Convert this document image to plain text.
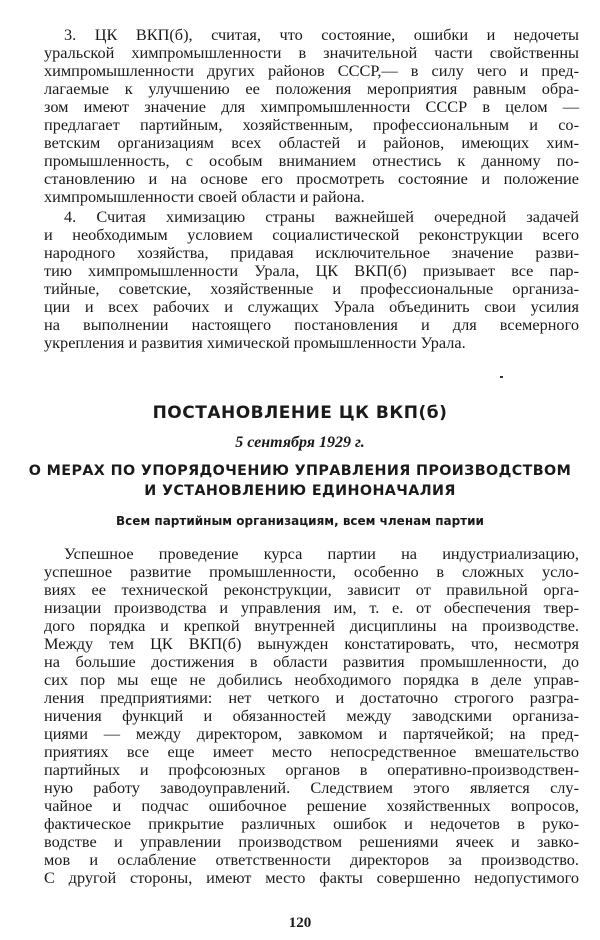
3. ЦК ВКП(б), считая, что состояние, ошибки и недочеты
уральской химпромышленности в значительной части свойственны
химпромышленности других районов СССР,— в силу чего и пред-
лагаемые к улучшению ее положения мероприятия равным обра-
зом имеют значение для химпромышленности СССР в целом —
предлагает партийным, хозяйственным, профессиональным и со-
ветским организациям всех областей и районов, имеющих хим-
промышленность, с особым вниманием отнестись к данному по-
становлению и на основе его просмотреть состояние и положение
химпромышленности своей области и района.
4. Считая химизацию страны важнейшей очередной задачей
и необходимым условием социалистической реконструкции всего
народного хозяйства, придавая исключительное значение разви-
тию химпромышленности Урала, ЦК ВКП(б) призывает все пар-
тийные, советские, хозяйственные и профессиональные организа-
ции и всех рабочих и служащих Урала объединить свои усилия
на выполнении настоящего постановления и для всемерного
укрепления и развития химической промышленности Урала.
ПОСТАНОВЛЕНИЕ ЦК ВКП(б)
5 сентября 1929 г.
О МЕРАХ ПО УПОРЯДОЧЕНИЮ УПРАВЛЕНИЯ ПРОИЗВОДСТВОМ
И УСТАНОВЛЕНИЮ ЕДИНОНАЧАЛИЯ
Всем партийным организациям, всем членам партии
Успешное проведение курса партии на индустриализацию,
успешное развитие промышленности, особенно в сложных усло-
виях ее технической реконструкции, зависит от правильной орга-
низации производства и управления им, т. е. от обеспечения твер-
дого порядка и крепкой внутренней дисциплины на производстве.
Между тем ЦК ВКП(б) вынужден констатировать, что, несмотря
на большие достижения в области развития промышленности, до
сих пор мы еще не добились необходимого порядка в деле управ-
ления предприятиями: нет четкого и достаточно строгого разгра-
ничения функций и обязанностей между заводскими организа-
циями — между директором, завкомом и партячейкой; на пред-
приятиях все еще имеет место непосредственное вмешательство
партийных и профсоюзных органов в оперативно-производствен-
ную работу заводоуправлений. Следствием этого является слу-
чайное и подчас ошибочное решение хозяйственных вопросов,
фактическое прикрытие различных ошибок и недочетов в руко-
водстве и управлении производством решениями ячеек и завко-
мов и ослабление ответственности директоров за производство.
С другой стороны, имеют место факты совершенно недопустимого
120
